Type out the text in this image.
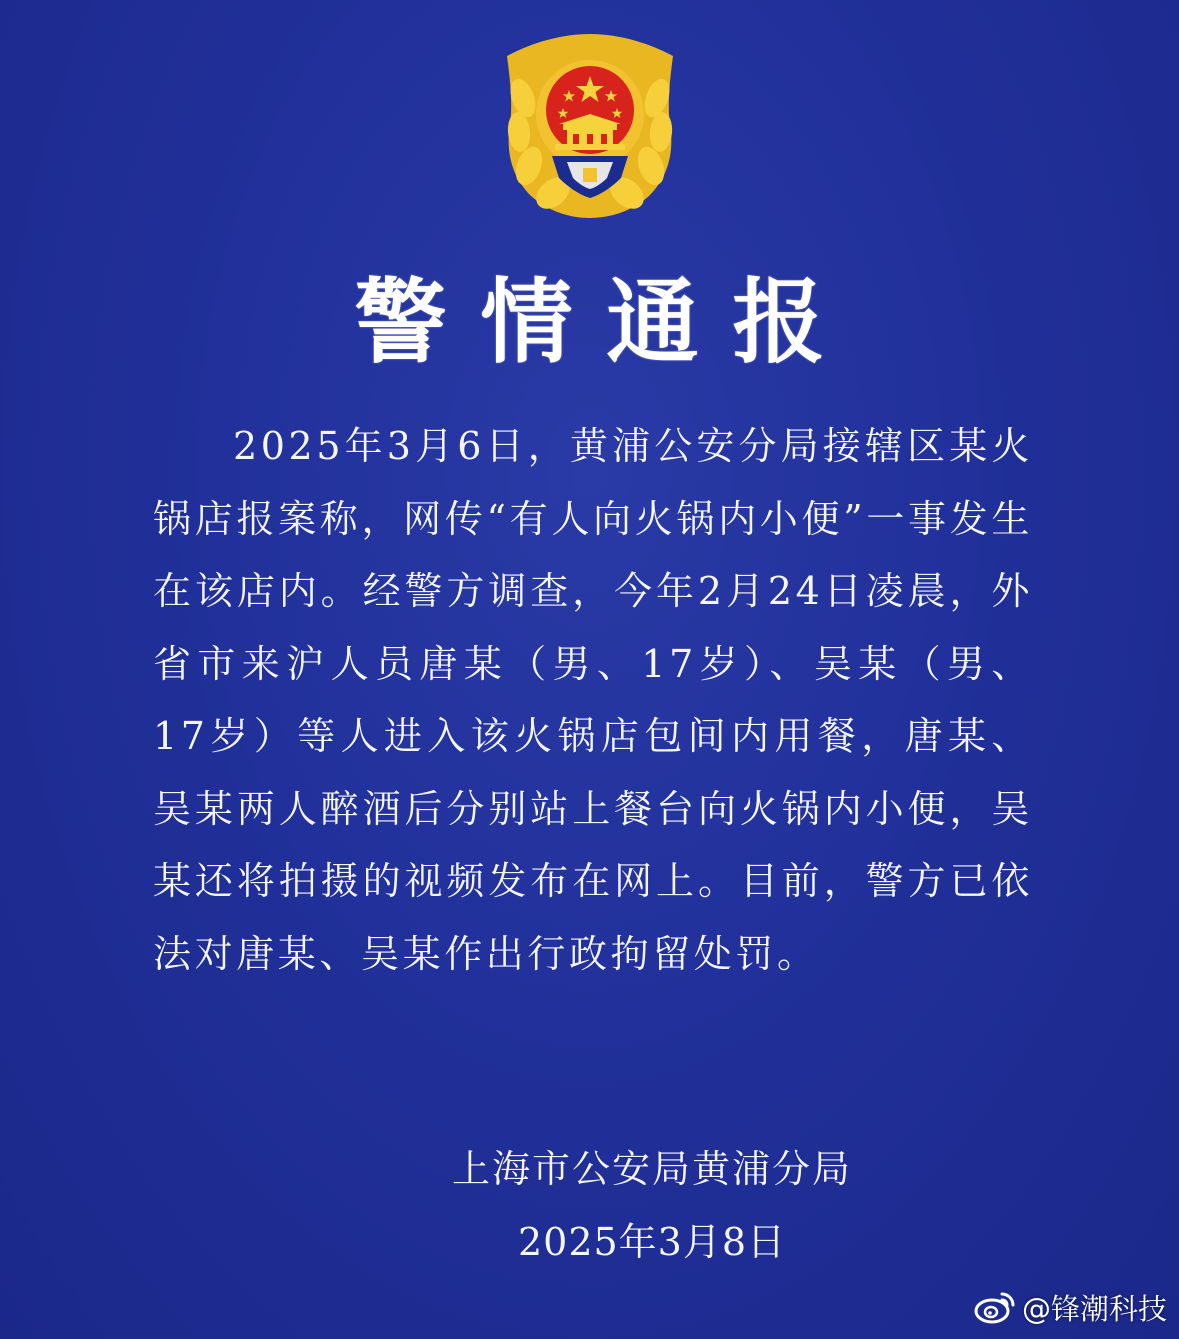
警情通报
2025年3月6日，黄浦公安分局接辖区某火锅店报案称，网传“有人向火锅内小便”一事发生在该店内。经警方调查，今年2月24日凌晨，外省市来沪人员唐某（男、17岁）、吴某（男、17岁）等人进入该火锅店包间内用餐，唐某、吴某两人醉酒后分别站上餐台向火锅内小便，吴某还将拍摄的视频发布在网上。目前，警方已依法对唐某、吴某作出行政拘留处罚。
上海市公安局黄浦分局
2025年3月8日
@锋潮科技
